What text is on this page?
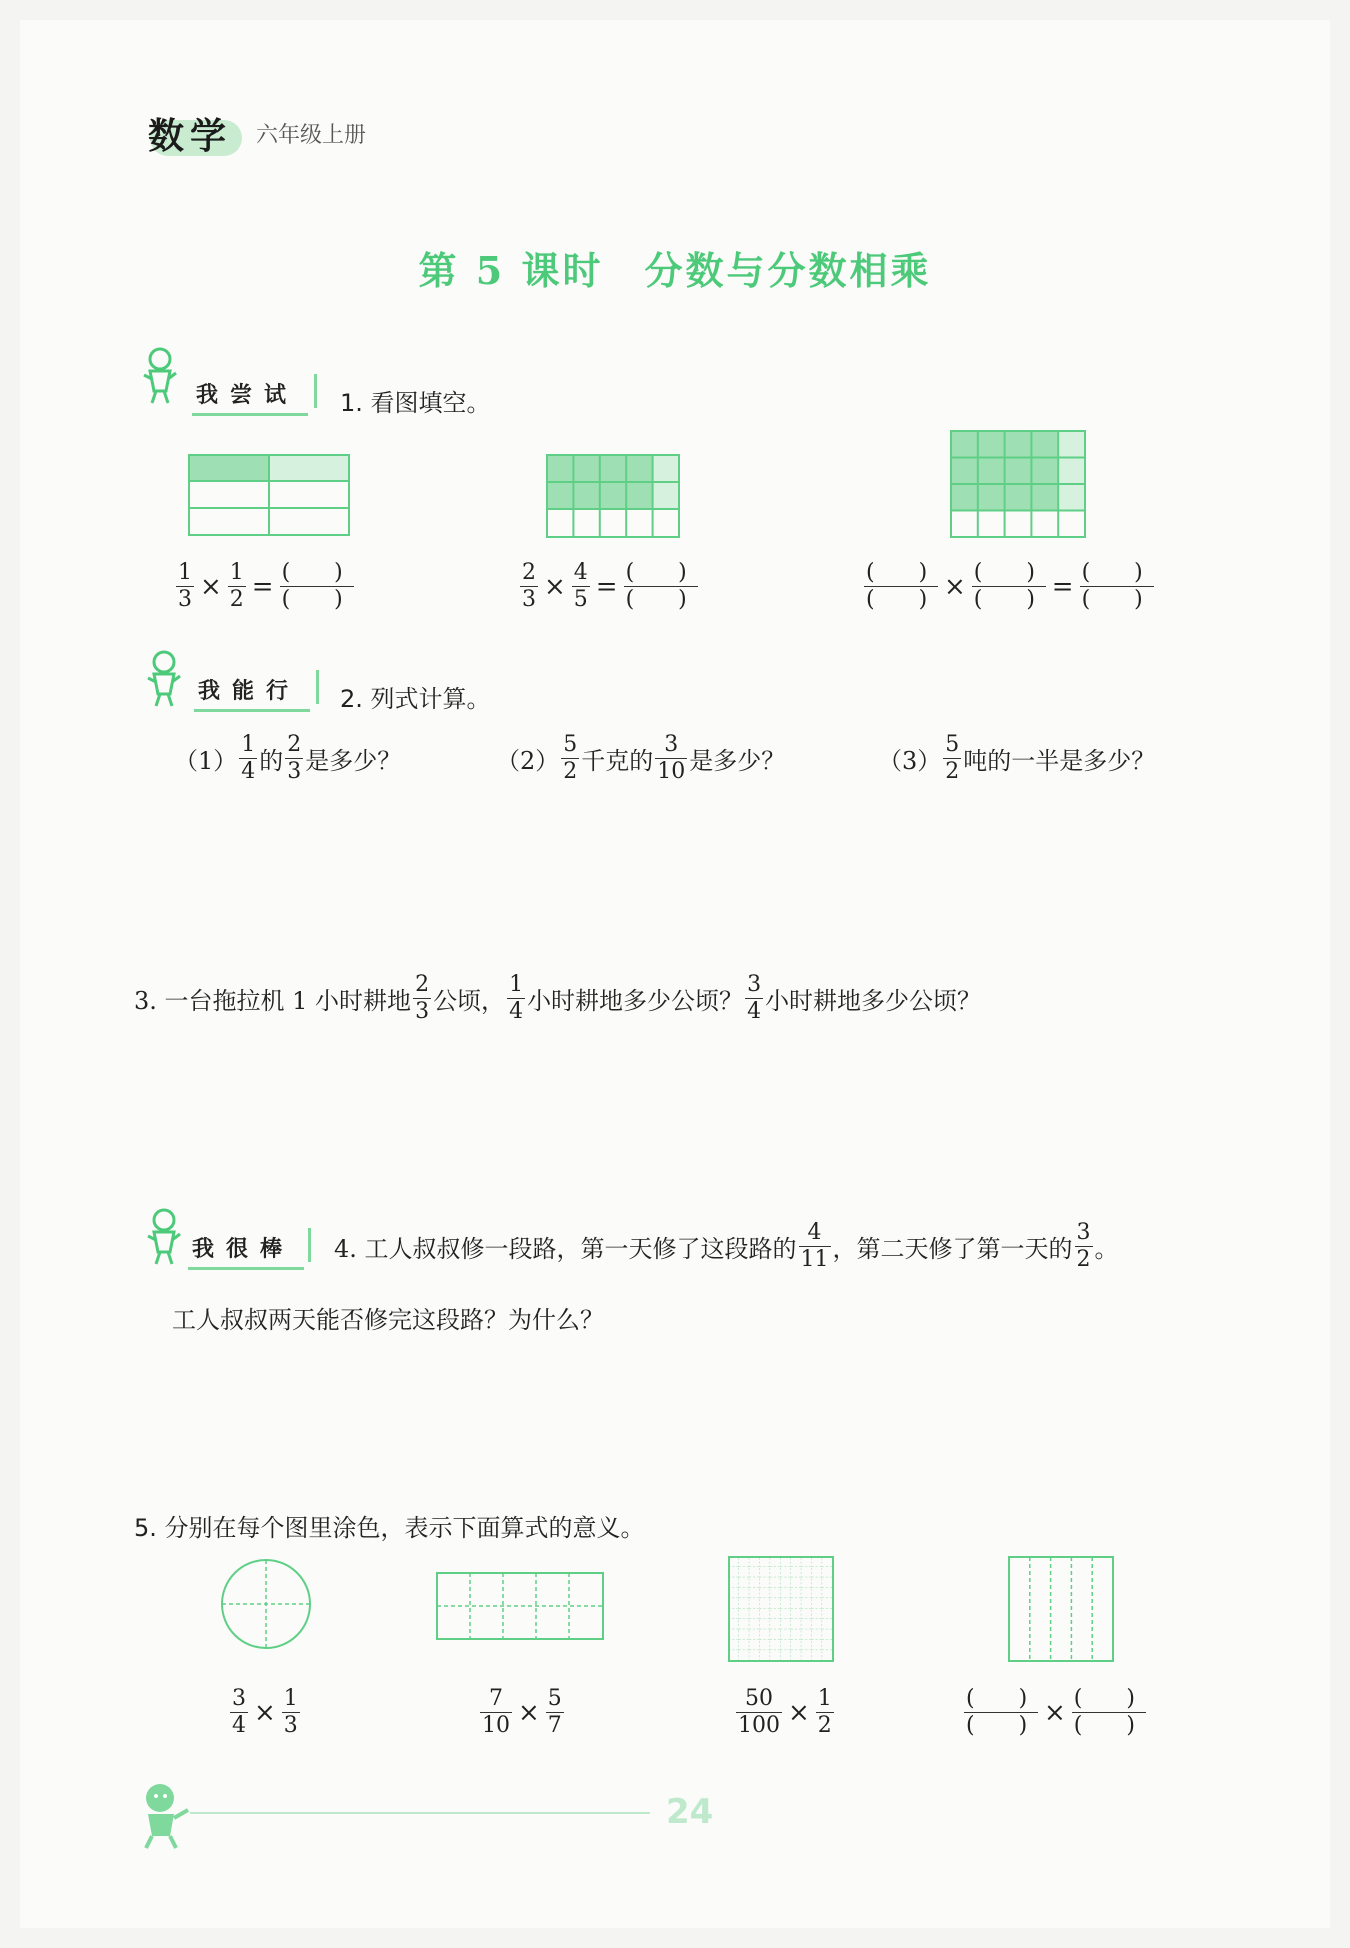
数学 六年级上册
第 5 课时　分数与分数相乘
我尝试	1. 看图填空。
$\frac{1}{3} \times \frac{1}{2} = \frac{( )}{( )}$	$\frac{2}{3} \times \frac{4}{5} = \frac{( )}{( )}$	$\frac{( )}{( )} \times \frac{( )}{( )} = \frac{( )}{( )}$
我能行	2. 列式计算。
$(1) \frac{1}{4}$ 的 $\frac{2}{3}$ 是多少？	$(2) \frac{5}{2}$ 千克的 $\frac{3}{10}$ 是多少？	$(3) \frac{5}{2}$ 吨的一半是多少？
3. 一台拖拉机 1 小时耕地 $\frac{2}{3}$ 公顷， $\frac{1}{4}$ 小时耕地多少公顷？ $\frac{3}{4}$ 小时耕地多少公顷？
我很棒	4. 工人叔叔修一段路，第一天修了这段路的 $\frac{4}{11}$ ，第二天修了第一天的 $\frac{3}{2}$ 。
工人叔叔两天能否修完这段路？为什么？
5. 分别在每个图里涂色，表示下面算式的意义。
$\frac{3}{4} \times \frac{1}{3}$	$\frac{7}{10} \times \frac{5}{7}$	$\frac{50}{100} \times \frac{1}{2}$	$\frac{( )}{( )} \times \frac{( )}{( )}$
24
